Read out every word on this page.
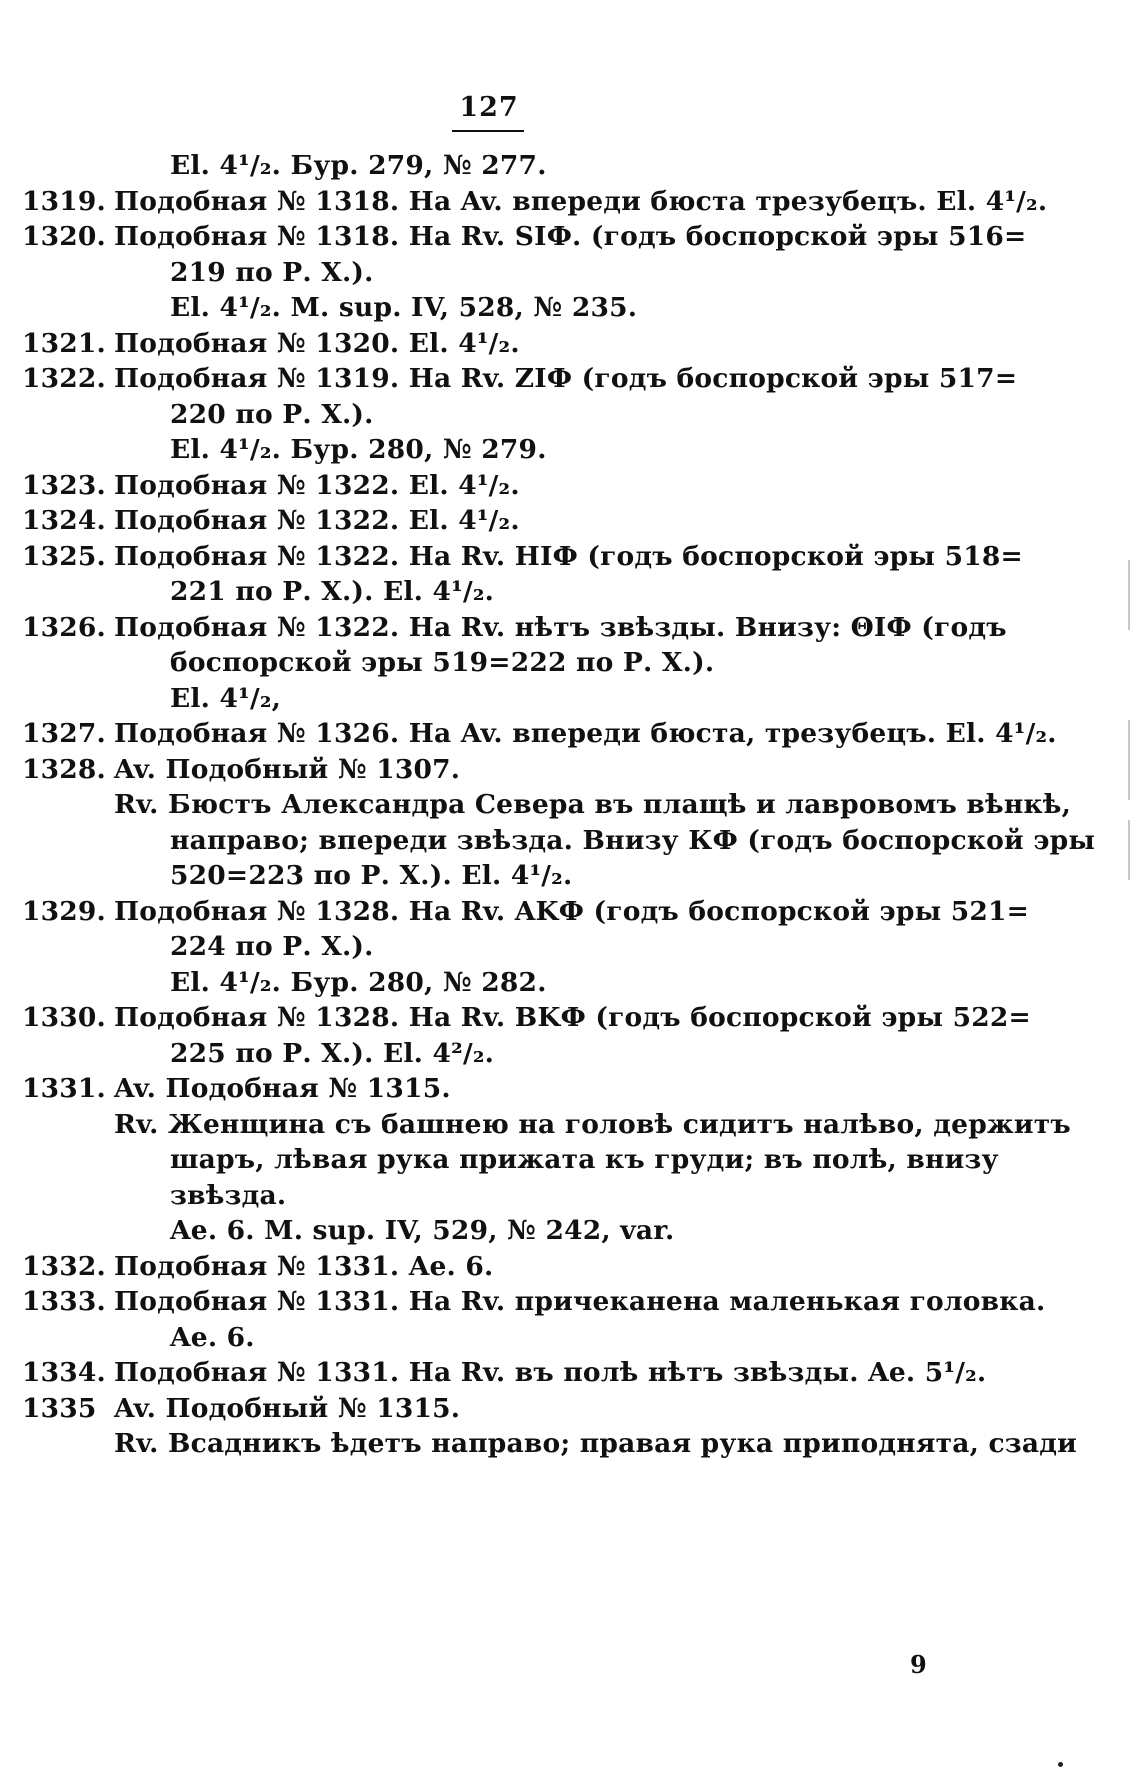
127
El. 4¹/₂. Бур. 279, № 277.
1319. Подобная № 1318. На Av. впереди бюста трезубецъ. El. 4¹/₂.
1320. Подобная № 1318. На Rv. SIФ. (годъ боспорской эры 516=
219 по Р. Х.).
El. 4¹/₂. M. sup. IV, 528, № 235.
1321. Подобная № 1320. El. 4¹/₂.
1322. Подобная № 1319. На Rv. ZIФ (годъ боспорской эры 517=
220 по Р. Х.).
El. 4¹/₂. Бур. 280, № 279.
1323. Подобная № 1322. El. 4¹/₂.
1324. Подобная № 1322. El. 4¹/₂.
1325. Подобная № 1322. На Rv. HIФ (годъ боспорской эры 518=
221 по Р. Х.). El. 4¹/₂.
1326. Подобная № 1322. На Rv. нѣтъ звѣзды. Внизу: ΘIФ (годъ
боспорской эры 519=222 по Р. Х.).
El. 4¹/₂,
1327. Подобная № 1326. На Av. впереди бюста, трезубецъ. El. 4¹/₂.
1328. Av. Подобный № 1307.
Rv. Бюстъ Александра Севера въ плащѣ и лавровомъ вѣнкѣ,
направо; впереди звѣзда. Внизу КФ (годъ боспорской эры
520=223 по Р. Х.). El. 4¹/₂.
1329. Подобная № 1328. На Rv. AKФ (годъ боспорской эры 521=
224 по Р. Х.).
El. 4¹/₂. Бур. 280, № 282.
1330. Подобная № 1328. На Rv. BKФ (годъ боспорской эры 522=
225 по Р. Х.). El. 4²/₂.
1331. Av. Подобная № 1315.
Rv. Женщина съ башнею на головѣ сидитъ налѣво, держитъ
шаръ, лѣвая рука прижата къ груди; въ полѣ, внизу
звѣзда.
Ae. 6. M. sup. IV, 529, № 242, var.
1332. Подобная № 1331. Ae. 6.
1333. Подобная № 1331. На Rv. причеканена маленькая головка.
Ae. 6.
1334. Подобная № 1331. На Rv. въ полѣ нѣтъ звѣзды. Ae. 5¹/₂.
1335 Av. Подобный № 1315.
Rv. Всадникъ ѣдетъ направо; правая рука приподнята, сзади
9
